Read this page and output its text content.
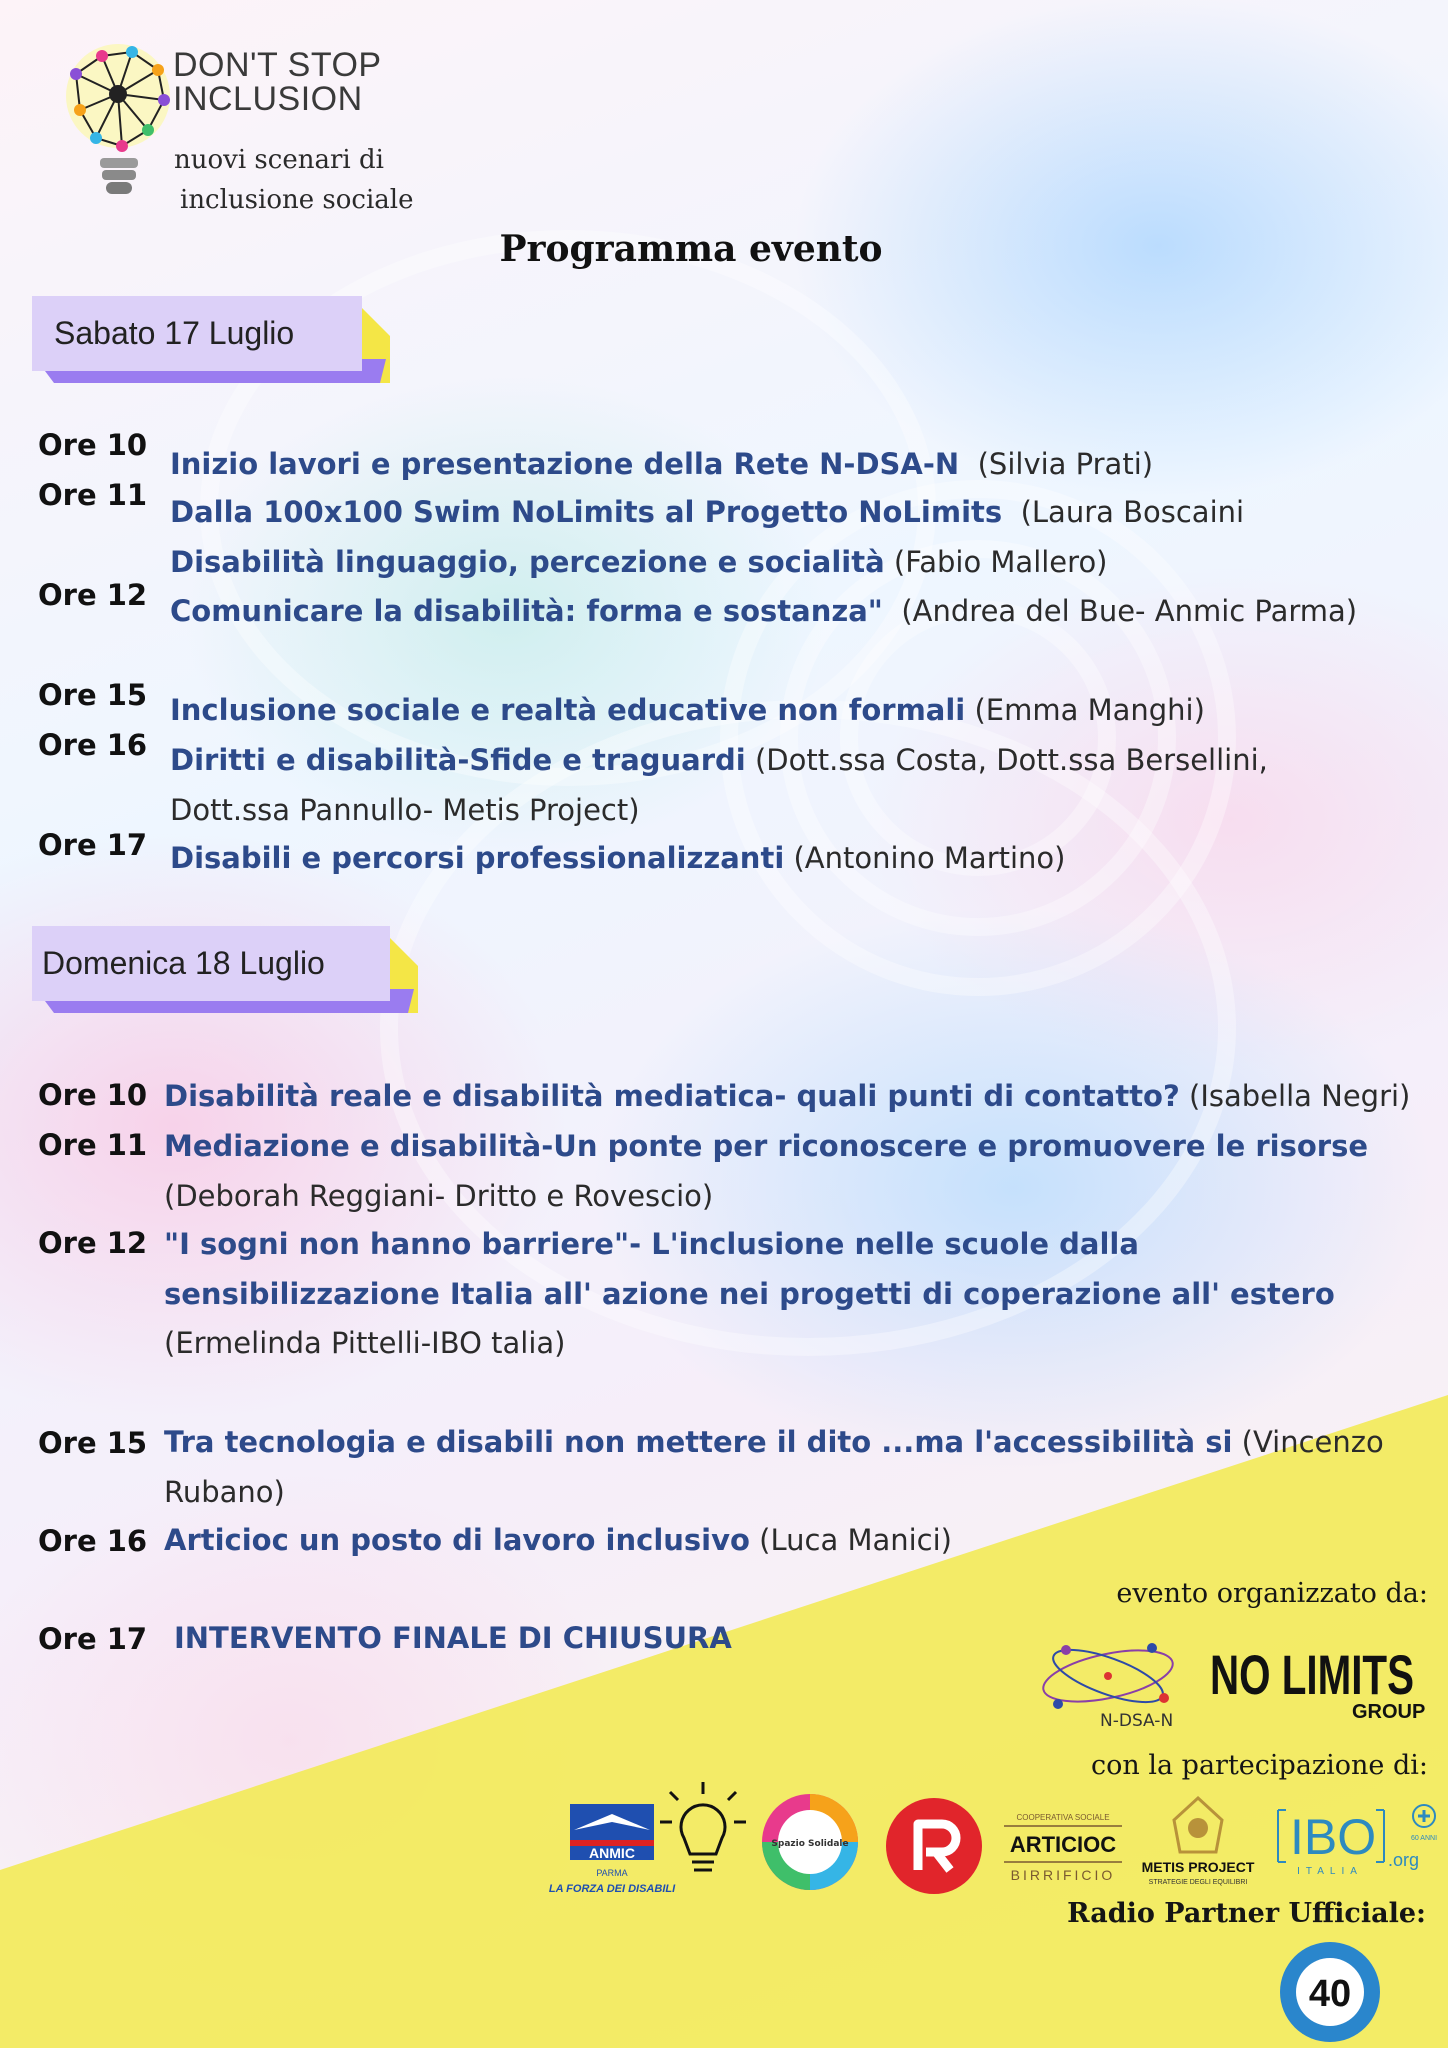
DON'T STOP
INCLUSION
nuovi scenari di
inclusione sociale
Programma evento
Sabato 17 Luglio
Ore 10
Inizio lavori e presentazione della Rete N-DSA-N (Silvia Prati)
Ore 11 Dalla 100x100 Swim NoLimits al Progetto NoLimits (Laura Boscaini
Disabilità linguaggio, percezione e socialità (Fabio Mallero)
Ore 12 Comunicare la disabilità: forma e sostanza" (Andrea del Bue- Anmic Parma)
Ore 15 Inclusione sociale e realtà educative non formali (Emma Manghi)
Ore 16 Diritti e disabilità-Sfide e traguardi (Dott.ssa Costa, Dott.ssa Bersellini, Dott.ssa Pannullo- Metis Project)
Ore 17 Disabili e percorsi professionalizzanti (Antonino Martino)
Domenica 18 Luglio
Ore 10 Disabilità reale e disabilità mediatica- quali punti di contatto? (Isabella Negri)
Ore 11 Mediazione e disabilità-Un ponte per riconoscere e promuovere le risorse (Deborah Reggiani- Dritto e Rovescio)
Ore 12 "I sogni non hanno barriere"- L'inclusione nelle scuole dalla sensibilizzazione Italia all' azione nei progetti di coperazione all' estero (Ermelinda Pittelli-IBO talia)
Ore 15 Tra tecnologia e disabili non mettere il dito ...ma l'accessibilità si (Vincenzo Rubano)
Ore 16 Articioc un posto di lavoro inclusivo (Luca Manici)
Ore 17 INTERVENTO FINALE DI CHIUSURA
evento organizzato da:
N-DSA-N
NO LIMITS
GROUP
con la partecipazione di:
ANMIC
PARMA
LA FORZA DEI DISABILI
Spazio Solidale
COOPERATIVA SOCIALE
ARTICIOC
BIRRIFICIO METIS PROJECT
STRATEGIE DEGLI EQUILIBRI
IBO
ITALIA
.org
60 ANNI
Radio Partner Ufficiale:
40
